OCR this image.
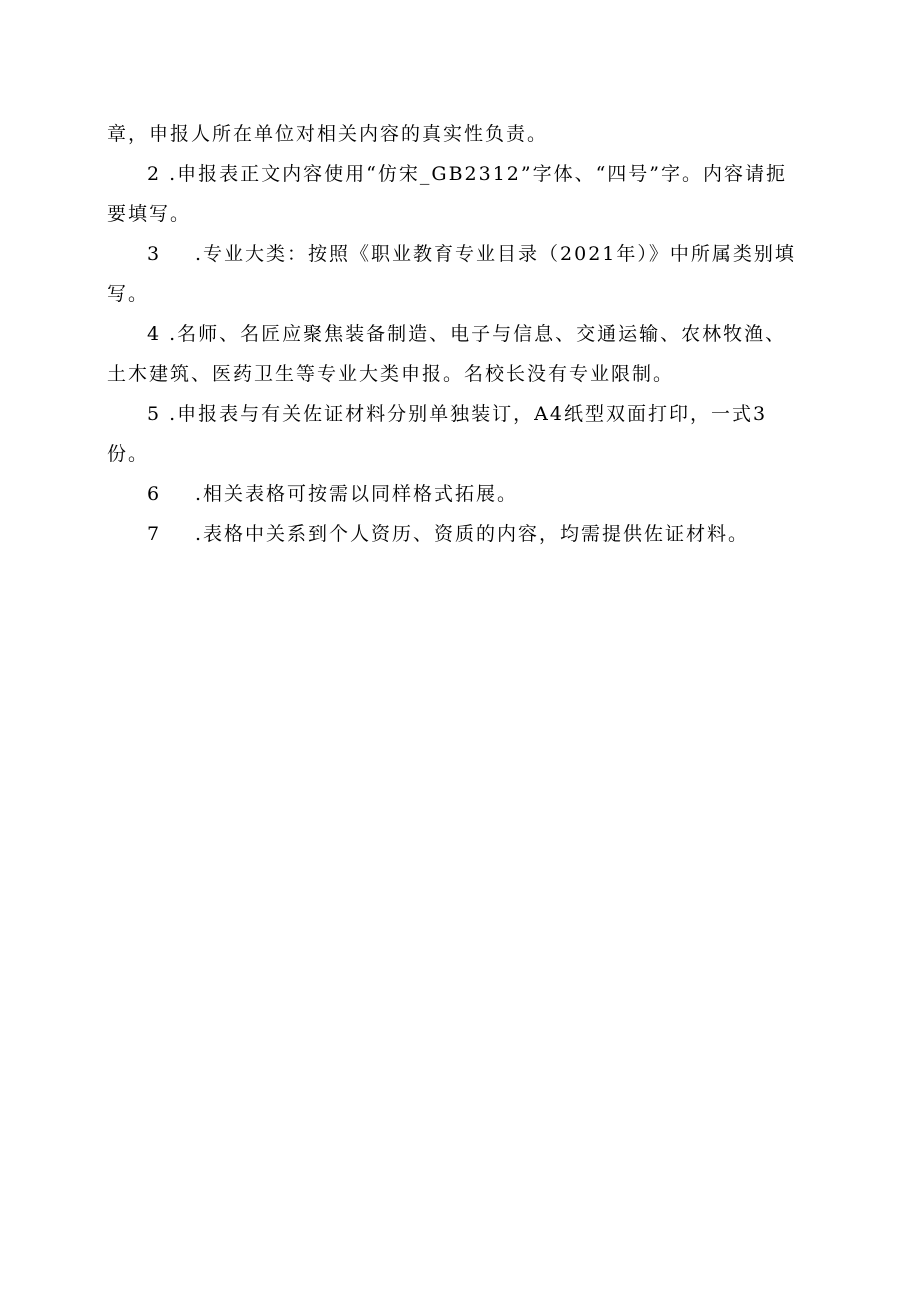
章，申报人所在单位对相关内容的真实性负责。
2 .申报表正文内容使用“仿宋_GB2312”字体、“四号”字。内容请扼
要填写。
3 .专业大类：按照《职业教育专业目录（2021年）》中所属类别填
写。
4 .名师、名匠应聚焦装备制造、电子与信息、交通运输、农林牧渔、
土木建筑、医药卫生等专业大类申报。名校长没有专业限制。
5 .申报表与有关佐证材料分别单独装订，A4纸型双面打印，一式3
份。
6 .相关表格可按需以同样格式拓展。
7 .表格中关系到个人资历、资质的内容，均需提供佐证材料。
